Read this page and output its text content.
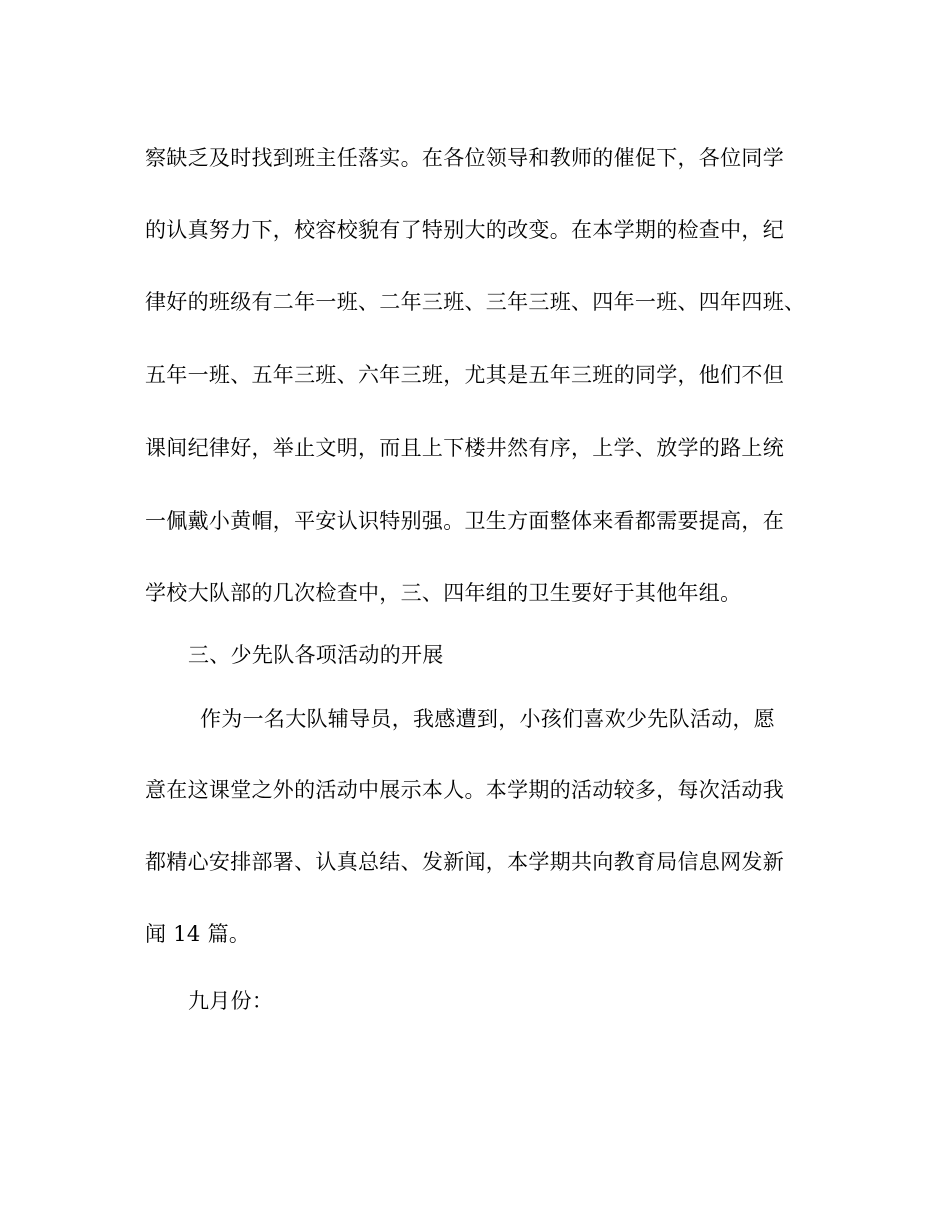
察缺乏及时找到班主任落实。在各位领导和教师的催促下，各位同学
的认真努力下，校容校貌有了特别大的改变。在本学期的检查中，纪
律好的班级有二年一班、二年三班、三年三班、四年一班、四年四班、
五年一班、五年三班、六年三班，尤其是五年三班的同学，他们不但
课间纪律好，举止文明，而且上下楼井然有序，上学、放学的路上统
一佩戴小黄帽，平安认识特别强。卫生方面整体来看都需要提高，在
学校大队部的几次检查中，三、四年组的卫生要好于其他年组。
三、少先队各项活动的开展
作为一名大队辅导员，我感遭到，小孩们喜欢少先队活动，愿
意在这课堂之外的活动中展示本人。本学期的活动较多，每次活动我
都精心安排部署、认真总结、发新闻，本学期共向教育局信息网发新
闻 14 篇。
九月份：
